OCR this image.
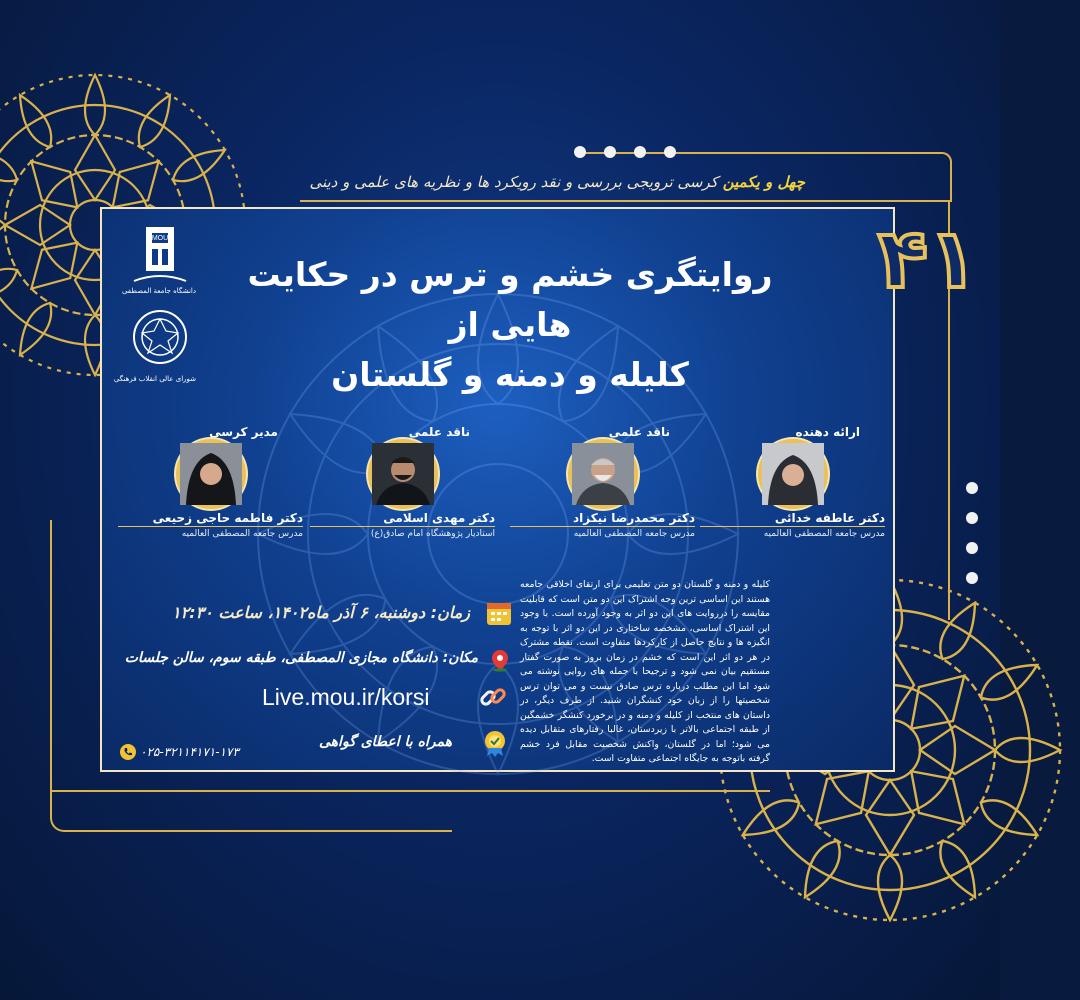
چهل و یکمین کرسی ترویجی بررسی و نقد رویکرد ها و نظریه های علمی و دینی
۴۱
MOU
دانشگاه جامعة المصطفی
شورای عالی انقلاب فرهنگی
روایتگری خشم و ترس در حکایت هایی از
کلیله و دمنه و گلستان
ارائه دهنده
دکتر عاطفه خدائی
مدرس جامعه المصطفی العالمیه
ناقد علمی
دکتر محمدرضا نیکزاد
مدرس جامعه المصطفی العالمیه
ناقد علمی
دکتر مهدی اسلامی
استادیار پژوهشگاه امام صادق(ع)
مدیر کرسی
دکتر فاطمه حاجی زحیعی
مدرس جامعه المصطفی العالمیه
کلیله و دمنه و گلستان دو متن تعلیمی برای ارتقای اخلاقی جامعه هستند این اساسی ترین وجه اشتراک این دو متن است که قابلیت مقایسه را درروایت های این دو اثر به وجود آورده است. با وجود این اشتراک اساسی، مشخصه ساختاری در این دو اثر با توجه به انگیزه ها و نتایج حاصل از کارکردها متفاوت است. نقطه مشترک در هر دو اثر این است که خشم در زمان بروز به صورت گفتار مستقیم بیان نمی شود و ترجیحا با جمله های روایی نوشته می شود اما این مطلب درباره ترس صادق نیست و می توان ترس شخصیتها را از زبان خود کنشگران شنید. از طرف دیگر، در داستان های منتخب از کلیله و دمنه و در برخورد کنشگر خشمگین از طبقه اجتماعی بالاتر با زیردستان، غالبا رفتارهای متقابل دیده می شود؛ اما در گلستان، واکنش شخصیت مقابل فرد خشم گرفته باتوجه به جایگاه اجتماعی متفاوت است.
زمان: دوشنبه، ۶ آذر ماه۱۴۰۲، ساعت ۱۲:۳۰
مکان: دانشگاه مجازی المصطفی، طبقه سوم، سالن جلسات
Live.mou.ir/korsi
همراه با اعطای گواهی
۰۲۵-۳۲۱۱۴۱۷۱-۱۷۳
